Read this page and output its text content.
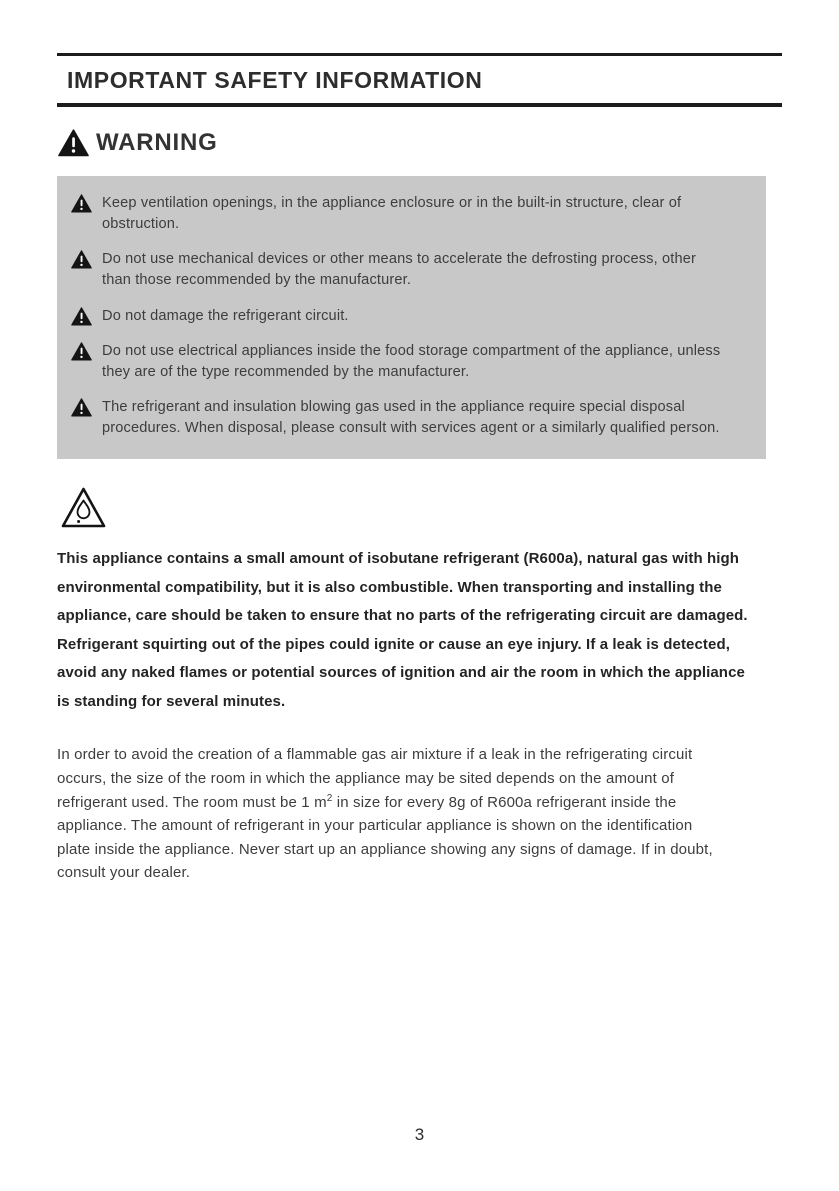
IMPORTANT SAFETY INFORMATION
WARNING
Keep ventilation openings, in the appliance enclosure or in the built-in structure, clear of obstruction.
Do not use mechanical devices or other means to accelerate the defrosting process, other than those recommended by the manufacturer.
Do not damage the refrigerant circuit.
Do not use electrical appliances inside the food storage compartment of the appliance, unless they are of the type recommended by the manufacturer.
The refrigerant and insulation blowing gas used in the appliance require special disposal procedures. When disposal, please consult with services agent or a similarly qualified person.

This appliance contains a small amount of isobutane refrigerant (R600a), natural gas with high environmental compatibility, but it is also combustible. When transporting and installing the appliance, care should be taken to ensure that no parts of the refrigerating circuit are damaged. Refrigerant squirting out of the pipes could ignite or cause an eye injury. If a leak is detected, avoid any naked flames or potential sources of ignition and air the room in which the appliance is standing for several minutes.

In order to avoid the creation of a flammable gas air mixture if a leak in the refrigerating circuit occurs, the size of the room in which the appliance may be sited depends on the amount of refrigerant used. The room must be 1 $m^2$ in size for every 8g of R600a refrigerant inside the appliance. The amount of refrigerant in your particular appliance is shown on the identification plate inside the appliance. Never start up an appliance showing any signs of damage. If in doubt, consult your dealer.

3
